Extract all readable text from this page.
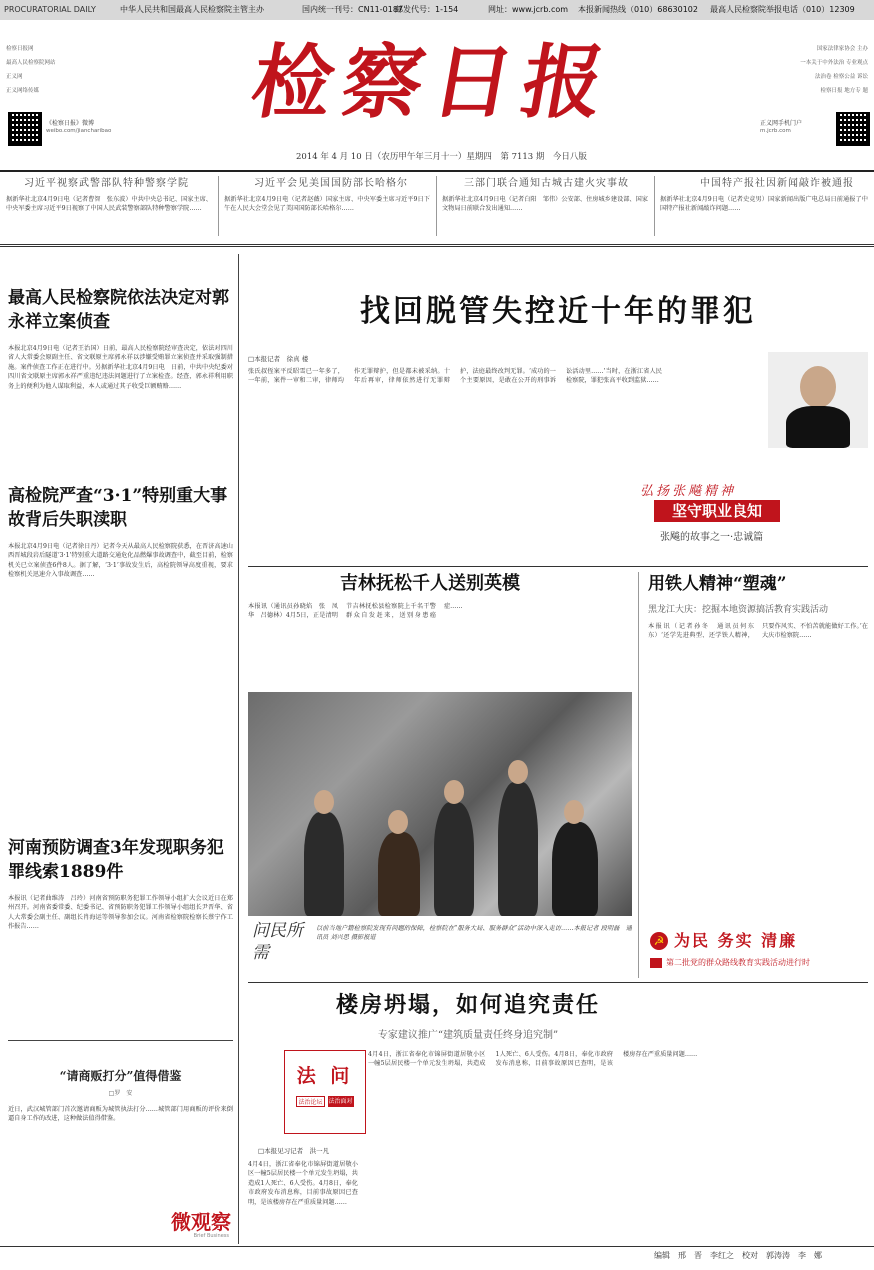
PROCURATORIAL DAILY	中华人民共和国最高人民检察院主管主办	国内统一刊号：CN11-0187
邮发代号：1-154	网址：www.jcrb.com 本报新闻热线（010）68630102 最高人民检察院举报电话（010）12309
检察日报网
最高人民检察院网站
正义网
正义网络传媒
《检察日报》微博
weibo.com/jiancharibao
检察日报
2014 年 4 月 10 日（农历甲午年三月十一）星期四　第 7113 期　今日八版
国家法律家协会 主办
一本关于中外法治 专业观点
法治卷 检察公益 诉讼
检察日报 地方专 题
正义网手机门户
m.jcrb.com
习近平视察武警部队特种警察学院
据新华社北京4月9日电（记者曹智　张东波）中共中央总书记、国家主席、中央军委主席习近平9日视察了中国人民武装警察部队特种警察学院……
习近平会见美国国防部长哈格尔
据新华社北京4月9日电（记者赵薇）国家主席、中央军委主席习近平9日下午在人民大会堂会见了美国国防部长哈格尔……
三部门联合通知古城古建火灾事故
据新华社北京4月9日电（记者白阳　邹伟）公安部、住房城乡建设部、国家文物局日前联合发出通知……
中国特产报社因新闻敲诈被通报
据新华社北京4月9日电（记者史竞男）国家新闻出版广电总局日前通报了中国特产报社新闻敲诈问题……
最高人民检察院依法决定对郭永祥立案侦查
本报北京4月9日电（记者王治国）日前，最高人民检察院经审查决定，依法对四川省人大常委会原副主任、省文联原主席郭永祥以涉嫌受贿罪立案侦查并采取强制措施。案件侦查工作正在进行中。另据新华社北京4月9日电　日前，中共中央纪委对四川省文联原主席郭永祥严重违纪违法问题进行了立案检查。经查，郭永祥利用职务上的便利为他人谋取利益，本人或通过其子收受巨额贿赂……
高检院严查“3·1”特别重大事故背后失职渎职
本报北京4月9日电（记者徐日丹）记者今天从最高人民检察院获悉，在晋济高速山西晋城段岩后隧道‘3·1’特别重大道路交通危化品燃爆事故调查中，截至目前，检察机关已立案侦查6件8人。据了解，‘3·1’事故发生后，高检院领导高度重视，要求检察机关迅速介入事故调查……
河南预防调查3年发现职务犯罪线索1889件
本报讯（记者曲维涛　吕玲）河南省预防职务犯罪工作领导小组扩大会议近日在郑州召开。河南省委常委、纪委书记、省预防职务犯罪工作领导小组组长尹晋华、省人大常委会副主任、副组长肖海运等领导参加会议。河南省检察院检察长蔡宁作工作报告……
“请商贩打分”值得借鉴
□罗　安
近日，武汉城管部门首次邀请商贩为城管执法打分……城管部门用商贩的评价来倒逼自身工作的改进，这种做法值得借鉴。
微观察
Brief Business
找回脱管失控近十年的罪犯
□本报记者　徐真 楼
张氏叔侄案平反昭雪已一年多了，一年前，案件一审和二审，律师均作无罪辩护，但是都未被采纳。十年后再审，律师依然进行无罪辩护，法庭最终改判无罪。‘成功的一个主要原因，是敢在公开的刑事诉讼活动里……’当时，在浙江省人民检察院，罪犯张高平收到监狱……
弘扬张飚精神
坚守职业良知
张飚的故事之一·忠诚篇
吉林抚松千人送别英模
本报讯（通讯员孙晓焰　张　凤华　吕德林）4月5日，正是清明节吉林抚松县检察院上千名干警群众自发赶来，送别身患癌症……
问民所需
以前当地户籍检察院发现有问题的保障，检察院在“服务大局、服务群众”活动中深入走访……本报记者 段明磊　通讯员 刘兴思 摄影报道
用铁人精神“塑魂”
黑龙江大庆：挖掘本地资源搞活教育实践活动
本报讯（记者孙冬　通讯员何东东）‘还学先进典型、还学铁人精神，只要作风实、不怕苦就能做好工作。’在大庆市检察院……
☭ 为民 务实 清廉
第二批党的群众路线教育实践活动进行时
楼房坍塌，如何追究责任
专家建议推广“建筑质量责任终身追究制”
法 问
法治论坛	法治面对
□本报见习记者　洪一凡
4月4日，浙江省奉化市锦屏街道居敬小区一幢5层居民楼一个单元发生坍塌，共造成1人死亡、6人受伤。4月8日，奉化市政府发布消息称，目前事故原因已查明，是该楼房存在严重质量问题……
4月4日，浙江省奉化市锦屏街道居敬小区一幢5层居民楼一个单元发生坍塌，共造成1人死亡、6人受伤。4月8日，奉化市政府发布消息称，目前事故原因已查明，是该楼房存在严重质量问题……
编辑　邢　晋　李红之　校对　郭涛涛　李　娜
